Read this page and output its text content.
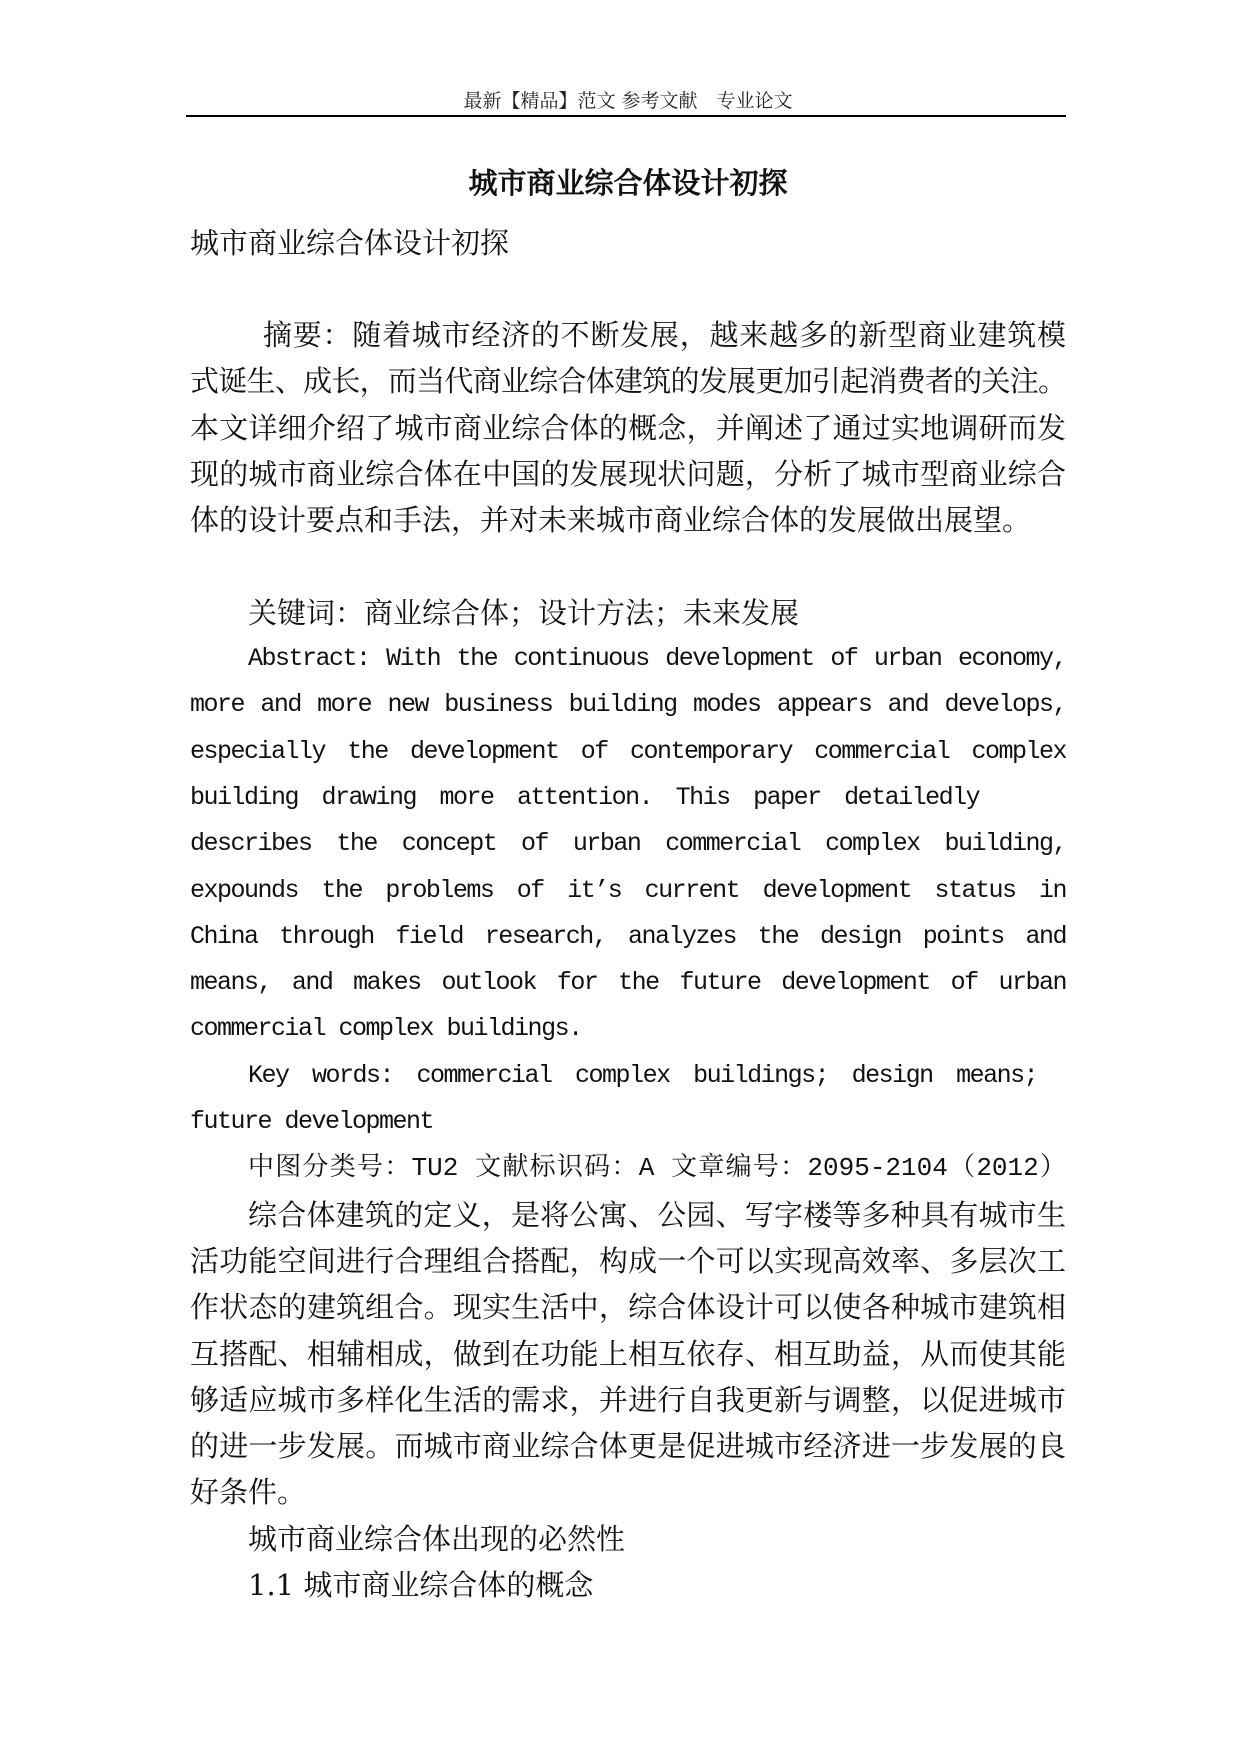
最新【精品】范文 参考文献　专业论文
城市商业综合体设计初探
城市商业综合体设计初探
摘要：随着城市经济的不断发展，越来越多的新型商业建筑模
式诞生、成长，而当代商业综合体建筑的发展更加引起消费者的关注。
本文详细介绍了城市商业综合体的概念，并阐述了通过实地调研而发
现的城市商业综合体在中国的发展现状问题，分析了城市型商业综合
体的设计要点和手法，并对未来城市商业综合体的发展做出展望。
关键词：商业综合体；设计方法；未来发展
Abstract: With the continuous development of urban economy,
more and more new business building modes appears and develops,
especially the development of contemporary commercial complex
building drawing more attention. This paper detailedly
describes the concept of urban commercial complex building,
expounds the problems of it’s current development status in
China through field research, analyzes the design points and
means, and makes outlook for the future development of urban
commercial complex buildings.
Key words: commercial complex buildings; design means;
future development
中图分类号：TU2 文献标识码：A 文章编号：2095-2104（2012）
综合体建筑的定义，是将公寓、公园、写字楼等多种具有城市生
活功能空间进行合理组合搭配，构成一个可以实现高效率、多层次工
作状态的建筑组合。现实生活中，综合体设计可以使各种城市建筑相
互搭配、相辅相成，做到在功能上相互依存、相互助益，从而使其能
够适应城市多样化生活的需求，并进行自我更新与调整，以促进城市
的进一步发展。而城市商业综合体更是促进城市经济进一步发展的良
好条件。
城市商业综合体出现的必然性
1.1 城市商业综合体的概念
